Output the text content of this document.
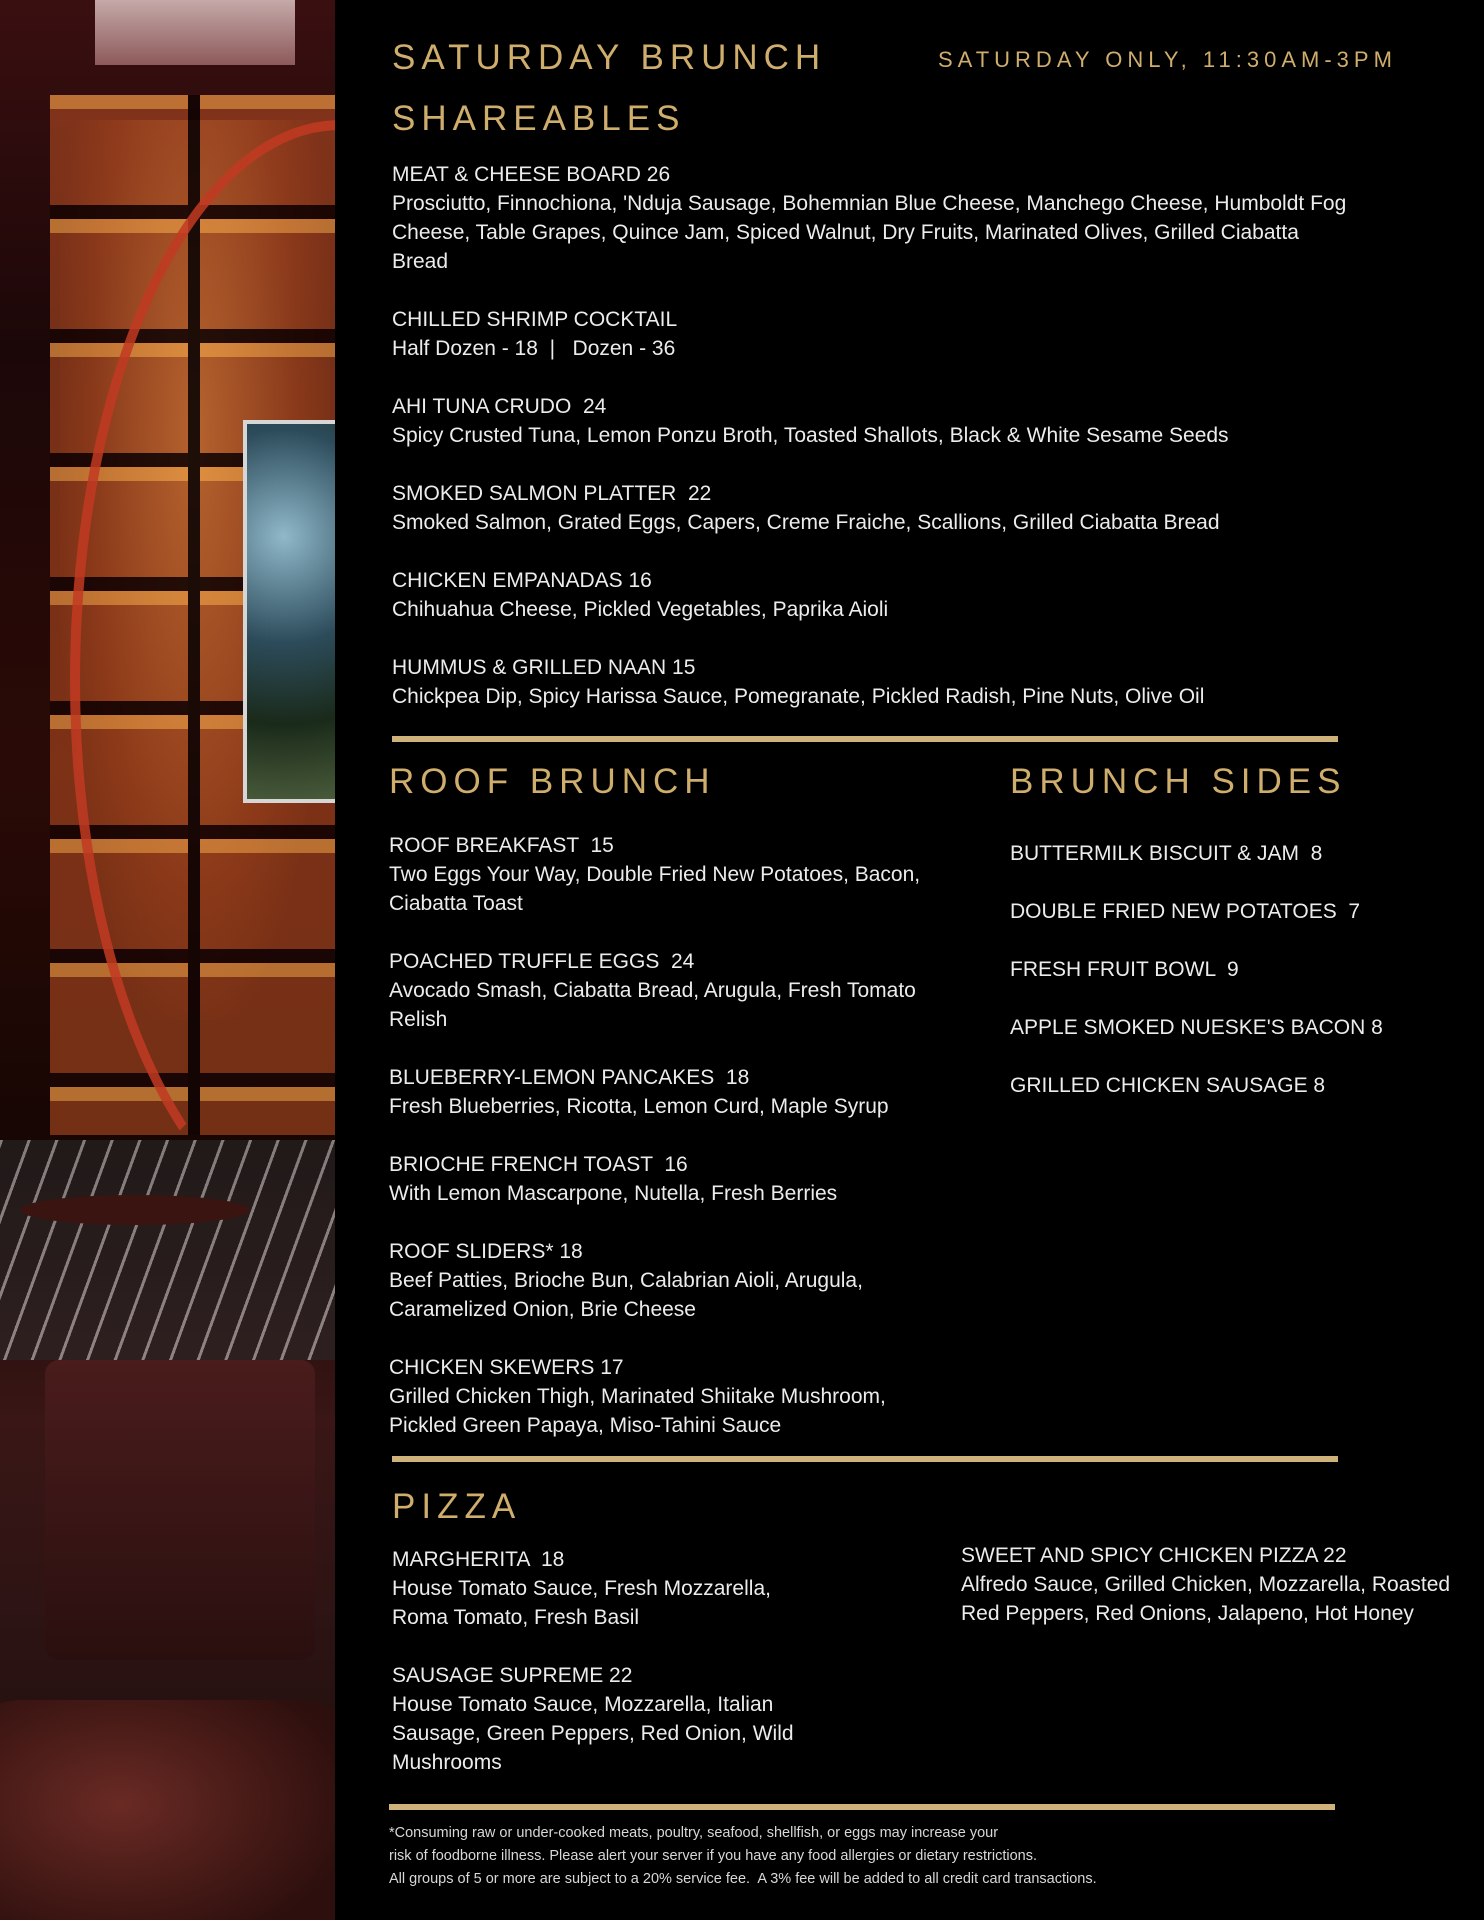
SATURDAY BRUNCH	SATURDAY ONLY, 11:30AM-3PM
SHAREABLES
MEAT & CHEESE BOARD 26
Prosciutto, Finnochiona, 'Nduja Sausage, Bohemnian Blue Cheese, Manchego Cheese, Humboldt Fog Cheese, Table Grapes, Quince Jam, Spiced Walnut, Dry Fruits, Marinated Olives, Grilled Ciabatta Bread
CHILLED SHRIMP COCKTAIL
Half Dozen - 18  |   Dozen - 36
AHI TUNA CRUDO  24
Spicy Crusted Tuna, Lemon Ponzu Broth, Toasted Shallots, Black & White Sesame Seeds
SMOKED SALMON PLATTER  22
Smoked Salmon, Grated Eggs, Capers, Creme Fraiche, Scallions, Grilled Ciabatta Bread
CHICKEN EMPANADAS 16
Chihuahua Cheese, Pickled Vegetables, Paprika Aioli
HUMMUS & GRILLED NAAN 15
Chickpea Dip, Spicy Harissa Sauce, Pomegranate, Pickled Radish, Pine Nuts, Olive Oil
ROOF BRUNCH
ROOF BREAKFAST  15
Two Eggs Your Way, Double Fried New Potatoes, Bacon, Ciabatta Toast
POACHED TRUFFLE EGGS  24
Avocado Smash, Ciabatta Bread, Arugula, Fresh Tomato Relish
BLUEBERRY-LEMON PANCAKES  18
Fresh Blueberries, Ricotta, Lemon Curd, Maple Syrup
BRIOCHE FRENCH TOAST  16
With Lemon Mascarpone, Nutella, Fresh Berries
ROOF SLIDERS* 18
Beef Patties, Brioche Bun, Calabrian Aioli, Arugula, Caramelized Onion, Brie Cheese
CHICKEN SKEWERS 17
Grilled Chicken Thigh, Marinated Shiitake Mushroom, Pickled Green Papaya, Miso-Tahini Sauce
BRUNCH SIDES
BUTTERMILK BISCUIT & JAM  8
DOUBLE FRIED NEW POTATOES  7
FRESH FRUIT BOWL  9
APPLE SMOKED NUESKE'S BACON 8
GRILLED CHICKEN SAUSAGE 8
PIZZA
MARGHERITA  18
House Tomato Sauce, Fresh Mozzarella, Roma Tomato, Fresh Basil
SAUSAGE SUPREME 22
House Tomato Sauce, Mozzarella, Italian Sausage, Green Peppers, Red Onion, Wild Mushrooms
SWEET AND SPICY CHICKEN PIZZA 22
Alfredo Sauce, Grilled Chicken, Mozzarella, Roasted Red Peppers, Red Onions, Jalapeno, Hot Honey
*Consuming raw or under-cooked meats, poultry, seafood, shellfish, or eggs may increase your
risk of foodborne illness. Please alert your server if you have any food allergies or dietary restrictions.
All groups of 5 or more are subject to a 20% service fee.  A 3% fee will be added to all credit card transactions.
